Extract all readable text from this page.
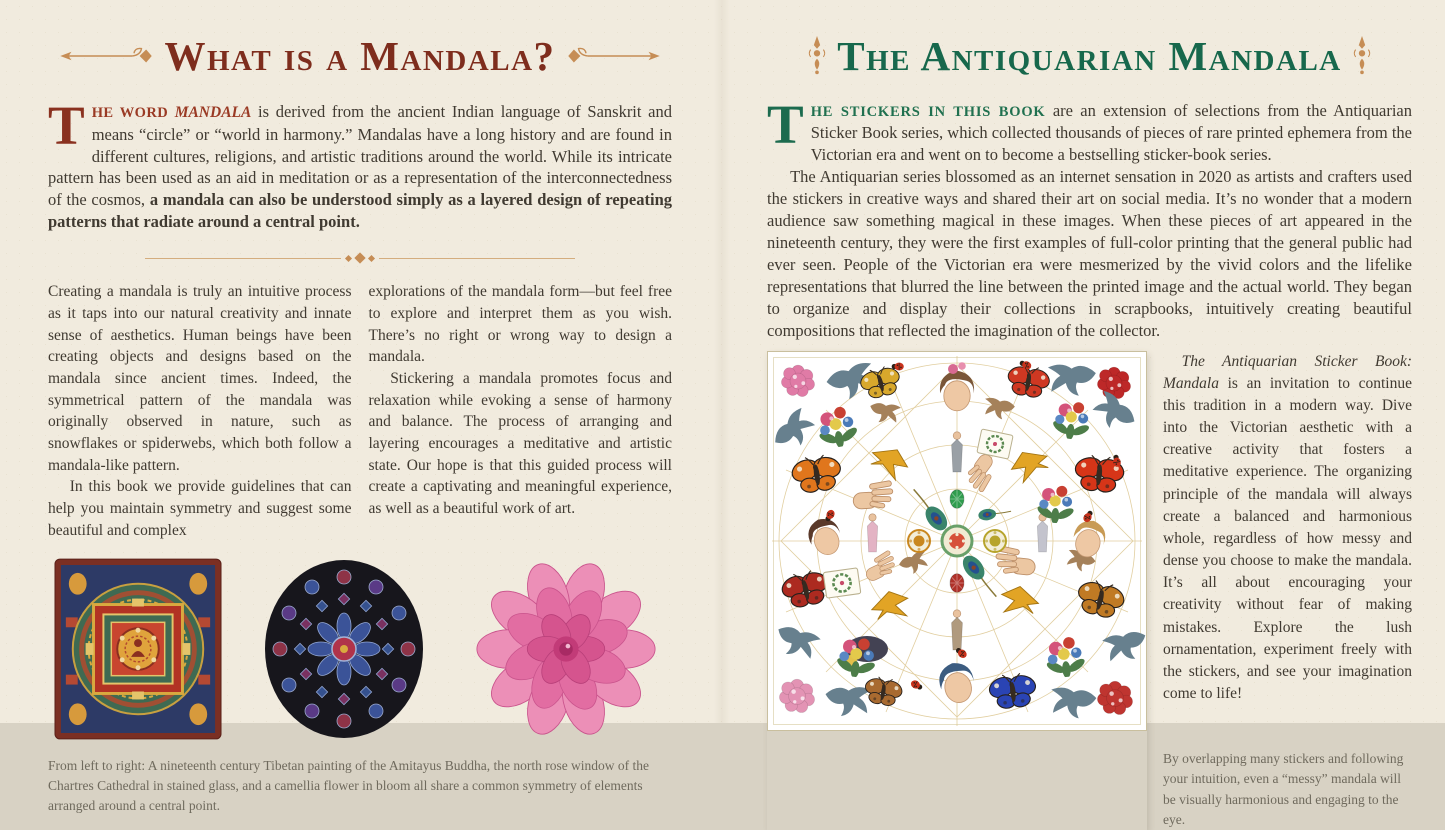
What is a Mandala?
THE WORD MANDALA is derived from the ancient Indian language of Sanskrit and means “circle” or “world in harmony.” Mandalas have a long history and are found in different cultures, religions, and artistic traditions around the world. While its intricate pattern has been used as an aid in meditation or as a representation of the interconnectedness of the cosmos, a mandala can also be understood simply as a layered design of repeating patterns that radiate around a central point.

Creating a mandala is truly an intuitive process as it taps into our natural creativity and innate sense of aesthetics. Human beings have been creating objects and designs based on the mandala since ancient times. Indeed, the symmetrical pattern of the mandala was originally observed in nature, such as snowflakes or spiderwebs, which both follow a mandala-like pattern.

In this book we provide guidelines that can help you maintain symmetry and suggest some beautiful and complex

explorations of the mandala form—but feel free to explore and interpret them as you wish. There’s no right or wrong way to design a mandala.

Stickering a mandala promotes focus and relaxation while evoking a sense of harmony and balance. The process of arranging and layering encourages a meditative and artistic state. Our hope is that this guided process will create a captivating and meaningful experience, as well as a beautiful work of art.

From left to right: A nineteenth century Tibetan painting of the Amitayus Buddha, the north rose window of the Chartres Cathedral in stained glass, and a camellia flower in bloom all share a common symmetry of elements arranged around a central point.
The Antiquarian Mandala
THE STICKERS IN THIS BOOK are an extension of selections from the Antiquarian Sticker Book series, which collected thousands of pieces of rare printed ephemera from the Victorian era and went on to become a bestselling sticker-book series.

The Antiquarian series blossomed as an internet sensation in 2020 as artists and crafters used the stickers in creative ways and shared their art on social media. It’s no wonder that a modern audience saw something magical in these images. When these pieces of art appeared in the nineteenth century, they were the first examples of full-color printing that the general public had ever seen. People of the Victorian era were mesmerized by the vivid colors and the lifelike representations that blurred the line between the printed image and the actual world. They began to organize and display their collections in scrapbooks, intuitively creating beautiful compositions that reflected the imagination of the collector.

The Antiquarian Sticker Book: Mandala is an invitation to continue this tradition in a modern way. Dive into the Victorian aesthetic with a creative activity that fosters a meditative experience. The organizing principle of the mandala will always create a balanced and harmonious whole, regardless of how messy and dense you choose to make the mandala. It’s all about encouraging your creativity without fear of making mistakes. Explore the lush ornamentation, experiment freely with the stickers, and see your imagination come to life!

By overlapping many stickers and following your intuition, even a “messy” mandala will be visually harmonious and engaging to the eye.
